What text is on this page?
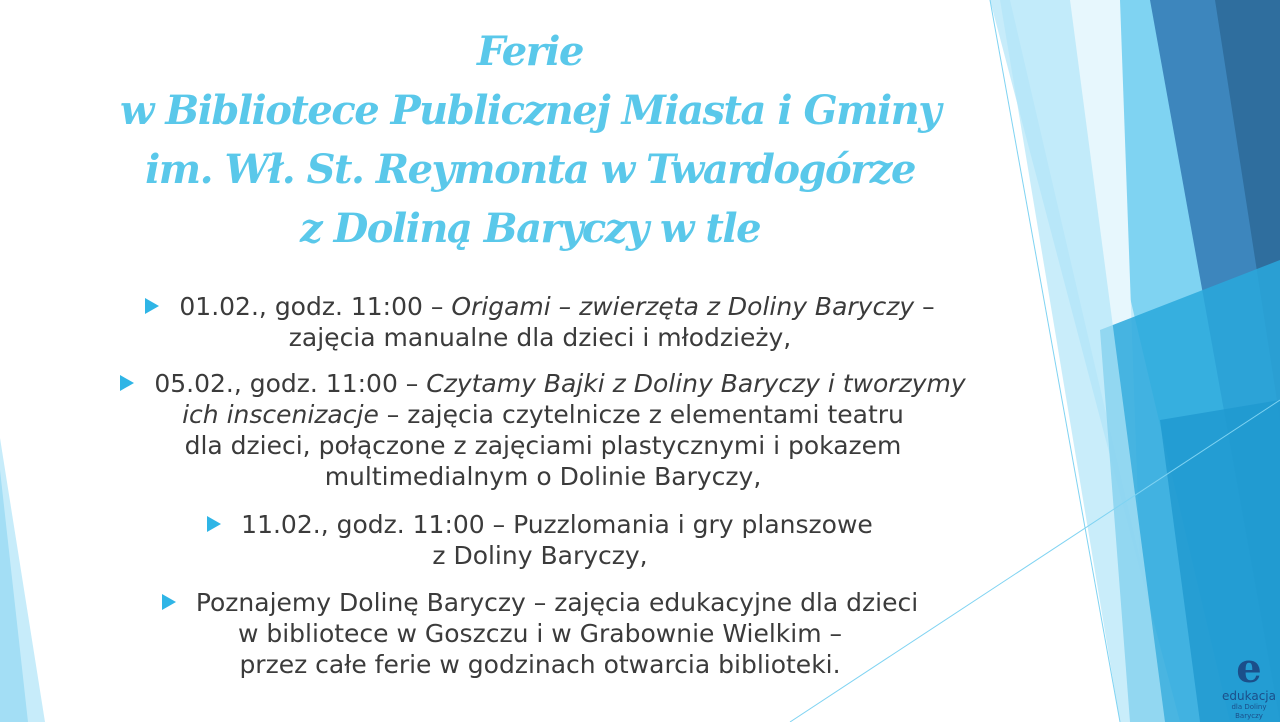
Ferie
w Bibliotece Publicznej Miasta i Gminy
im. Wł. St. Reymonta w Twardogórze
z Doliną Baryczy w tle
01.02., godz. 11:00 – Origami – zwierzęta z Doliny Baryczy –
zajęcia manualne dla dzieci i młodzieży,
05.02., godz. 11:00 – Czytamy Bajki z Doliny Baryczy i tworzymy
ich inscenizacje – zajęcia czytelnicze z elementami teatru
dla dzieci, połączone z zajęciami plastycznymi i pokazem
multimedialnym o Dolinie Baryczy,
11.02., godz. 11:00 – Puzzlomania i gry planszowe
z Doliny Baryczy,
Poznajemy Dolinę Baryczy – zajęcia edukacyjne dla dzieci
w bibliotece w Goszczu i w Grabownie Wielkim –
przez całe ferie w godzinach otwarcia biblioteki.	e
edukacja
dla Doliny Baryczy
